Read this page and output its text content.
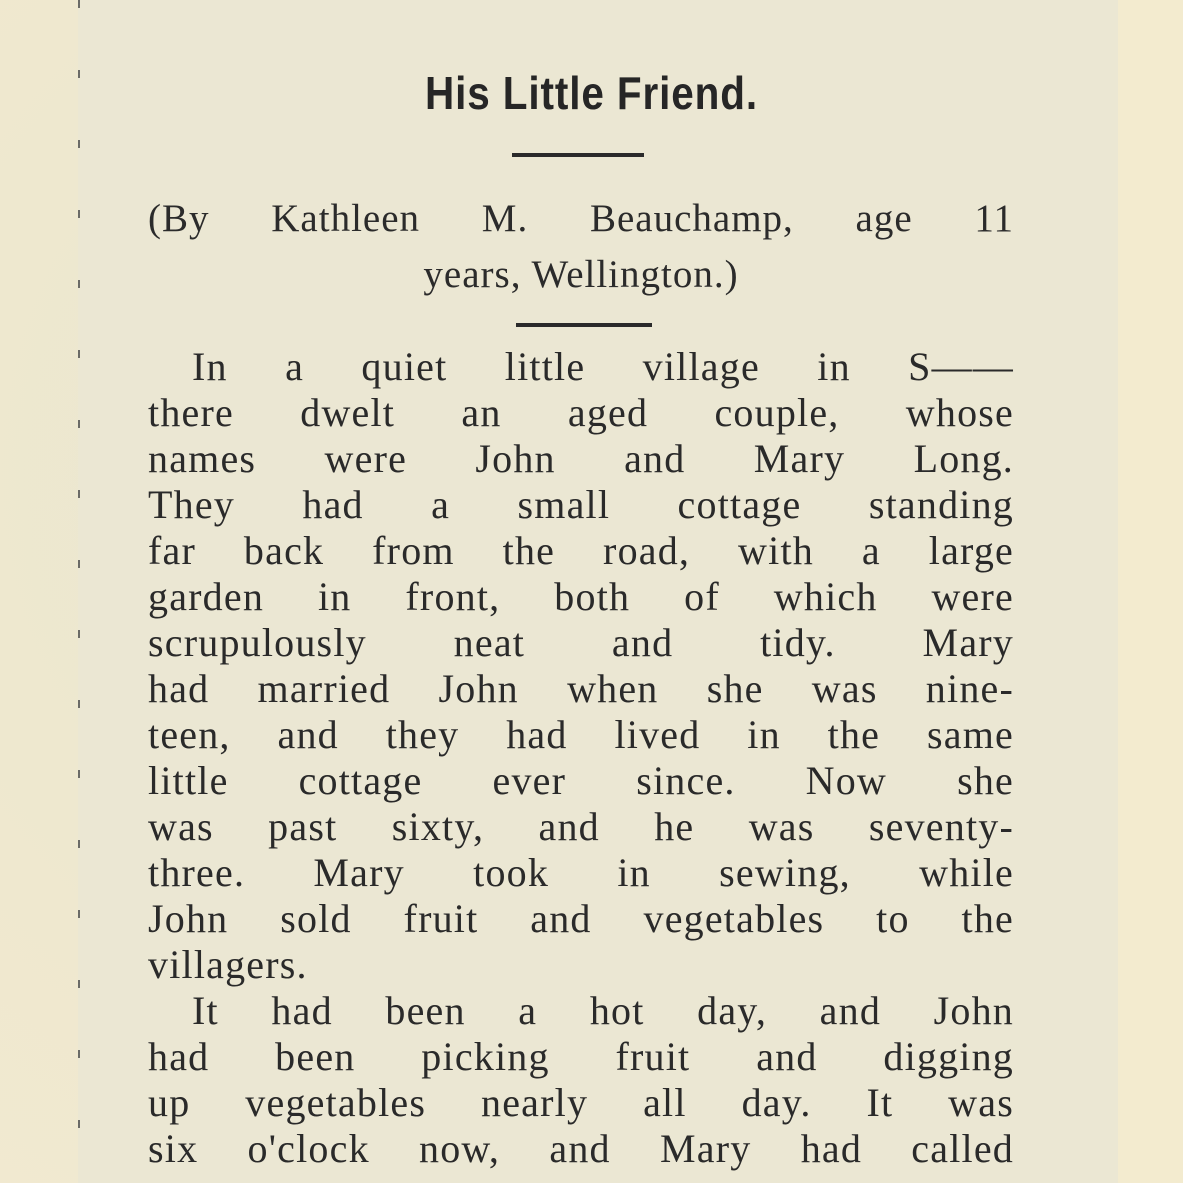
His Little Friend.
(By Kathleen M. Beauchamp, age 11
years, Wellington.)
In a quiet little village in S——
there dwelt an aged couple, whose
names were John and Mary Long.
They had a small cottage standing
far back from the road, with a large
garden in front, both of which were
scrupulously neat and tidy. Mary
had married John when she was nine-
teen, and they had lived in the same
little cottage ever since. Now she
was past sixty, and he was seventy-
three. Mary took in sewing, while
John sold fruit and vegetables to the
villagers.
It had been a hot day, and John
had been picking fruit and digging
up vegetables nearly all day. It was
six o'clock now, and Mary had called
